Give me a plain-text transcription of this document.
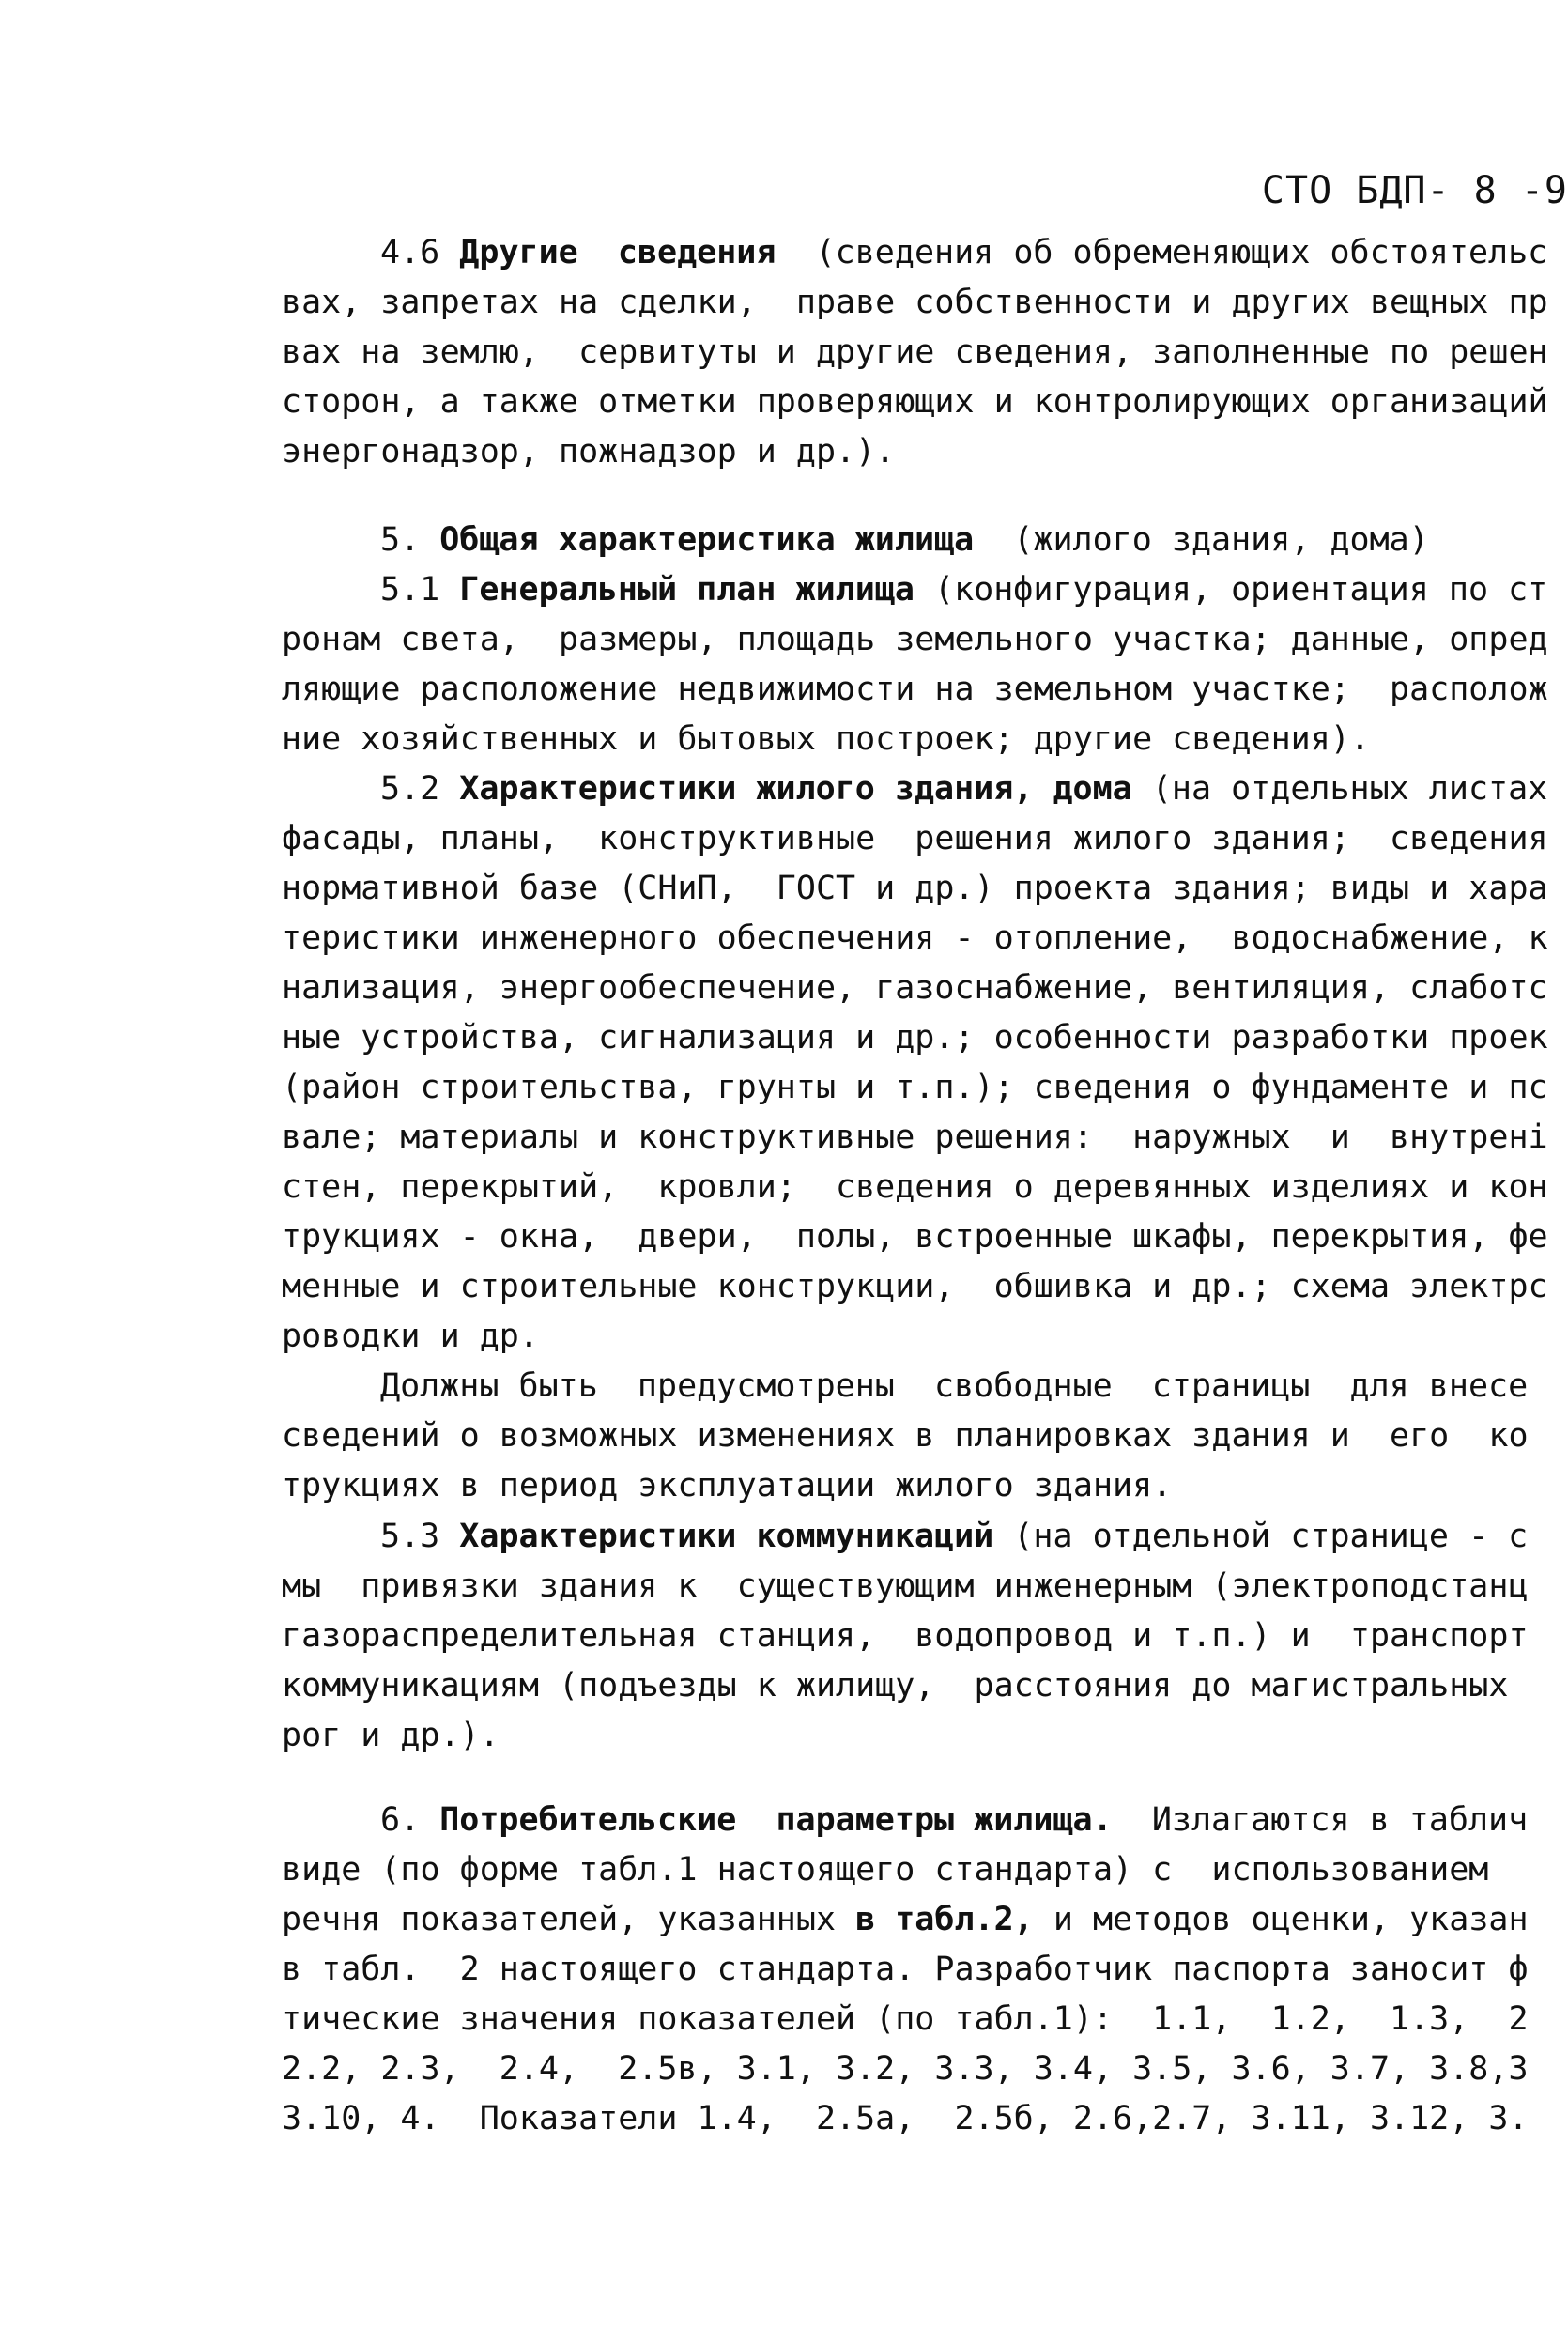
СТО БДП- 8 -9
4.6 Другие  сведения  (сведения об обременяющих обстоятельс
вах, запретах на сделки,  праве собственности и других вещных пр
вах на землю,  сервитуты и другие сведения, заполненные по решен
сторон, а также отметки проверяющих и контролирующих организаций
энергонадзор, пожнадзор и др.).
5. Общая характеристика жилища  (жилого здания, дома)
5.1 Генеральный план жилища (конфигурация, ориентация по ст
ронам света,  размеры, площадь земельного участка; данные, опред
ляющие расположение недвижимости на земельном участке;  располож
ние хозяйственных и бытовых построек; другие сведения).
5.2 Характеристики жилого здания, дома (на отдельных листах
фасады, планы,  конструктивные  решения жилого здания;  сведения
нормативной базе (СНиП,  ГОСТ и др.) проекта здания; виды и хара
теристики инженерного обеспечения - отопление,  водоснабжение, к
нализация, энергообеспечение, газоснабжение, вентиляция, слаботс
ные устройства, сигнализация и др.; особенности разработки проек
(район строительства, грунты и т.п.); сведения о фундаменте и пс
вале; материалы и конструктивные решения:  наружных  и  внутрені
стен, перекрытий,  кровли;  сведения о деревянных изделиях и кон
трукциях - окна,  двери,  полы, встроенные шкафы, перекрытия, фе
менные и строительные конструкции,  обшивка и др.; схема электрс
роводки и др.
Должны быть  предусмотрены  свободные  страницы  для внесе
сведений о возможных изменениях в планировках здания и  его  ко
трукциях в период эксплуатации жилого здания.
5.3 Характеристики коммуникаций (на отдельной странице - с
мы  привязки здания к  существующим инженерным (электроподстанц
газораспределительная станция,  водопровод и т.п.) и  транспорт
коммуникациям (подъезды к жилищу,  расстояния до магистральных
рог и др.).
6. Потребительские  параметры жилища.  Излагаются в таблич
виде (по форме табл.1 настоящего стандарта) с  использованием
речня показателей, указанных в табл.2, и методов оценки, указан
в табл.  2 настоящего стандарта. Разработчик паспорта заносит ф
тические значения показателей (по табл.1):  1.1,  1.2,  1.3,  2
2.2, 2.3,  2.4,  2.5в, 3.1, 3.2, 3.3, 3.4, 3.5, 3.6, 3.7, 3.8,3
3.10, 4.  Показатели 1.4,  2.5а,  2.5б, 2.6,2.7, 3.11, 3.12, 3.
